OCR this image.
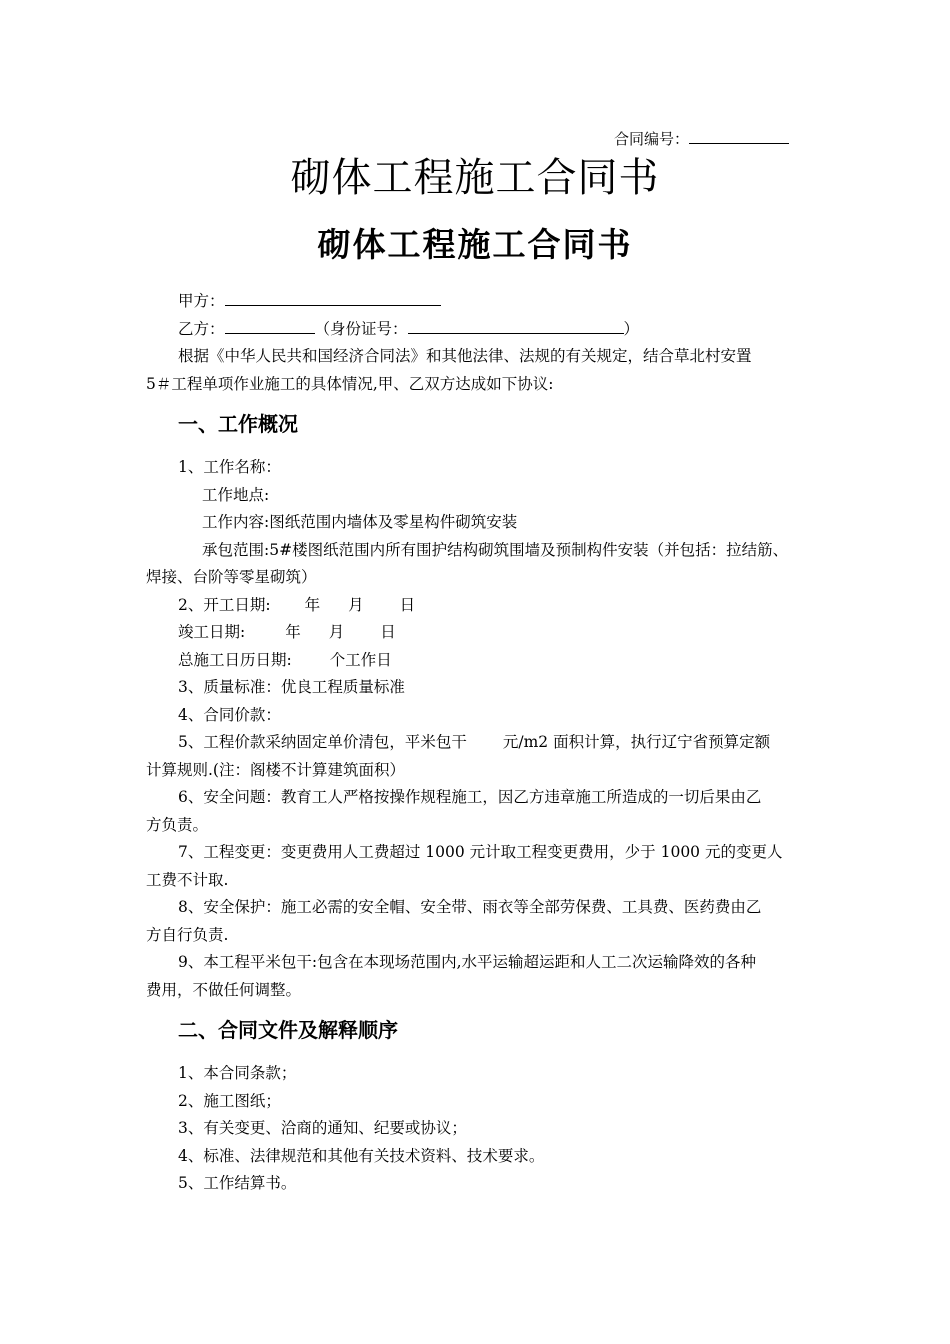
合同编号：
砌体工程施工合同书
砌体工程施工合同书
甲方：
乙方：	（身份证号：	）
根据《中华人民共和国经济合同法》和其他法律、法规的有关规定，结合草北村安置
5＃工程单项作业施工的具体情况,甲、乙双方达成如下协议:
一、工作概况
1、工作名称：
工作地点:
工作内容:图纸范围内墙体及零星构件砌筑安装
承包范围:5#楼图纸范围内所有围护结构砌筑围墙及预制构件安装（并包括：拉结筋、
焊接、台阶等零星砌筑）
2、开工日期: 年 月 日
竣工日期:	年 月 日
总施工日历日期: 个工作日
3、质量标准：优良工程质量标准
4、合同价款：
5、工程价款采纳固定单价清包，平米包干 元/m2 面积计算，执行辽宁省预算定额
计算规则.(注：阁楼不计算建筑面积）
6、安全问题：教育工人严格按操作规程施工，因乙方违章施工所造成的一切后果由乙
方负责。
7、工程变更：变更费用人工费超过 1000 元计取工程变更费用，少于 1000 元的变更人
工费不计取.
8、安全保护：施工必需的安全帽、安全带、雨衣等全部劳保费、工具费、医药费由乙
方自行负责.
9、本工程平米包干:包含在本现场范围内,水平运输超运距和人工二次运输降效的各种
费用，不做任何调整。
二、合同文件及解释顺序
1、本合同条款；
2、施工图纸；
3、有关变更、洽商的通知、纪要或协议；
4、标准、法律规范和其他有关技术资料、技术要求。
5、工作结算书。
